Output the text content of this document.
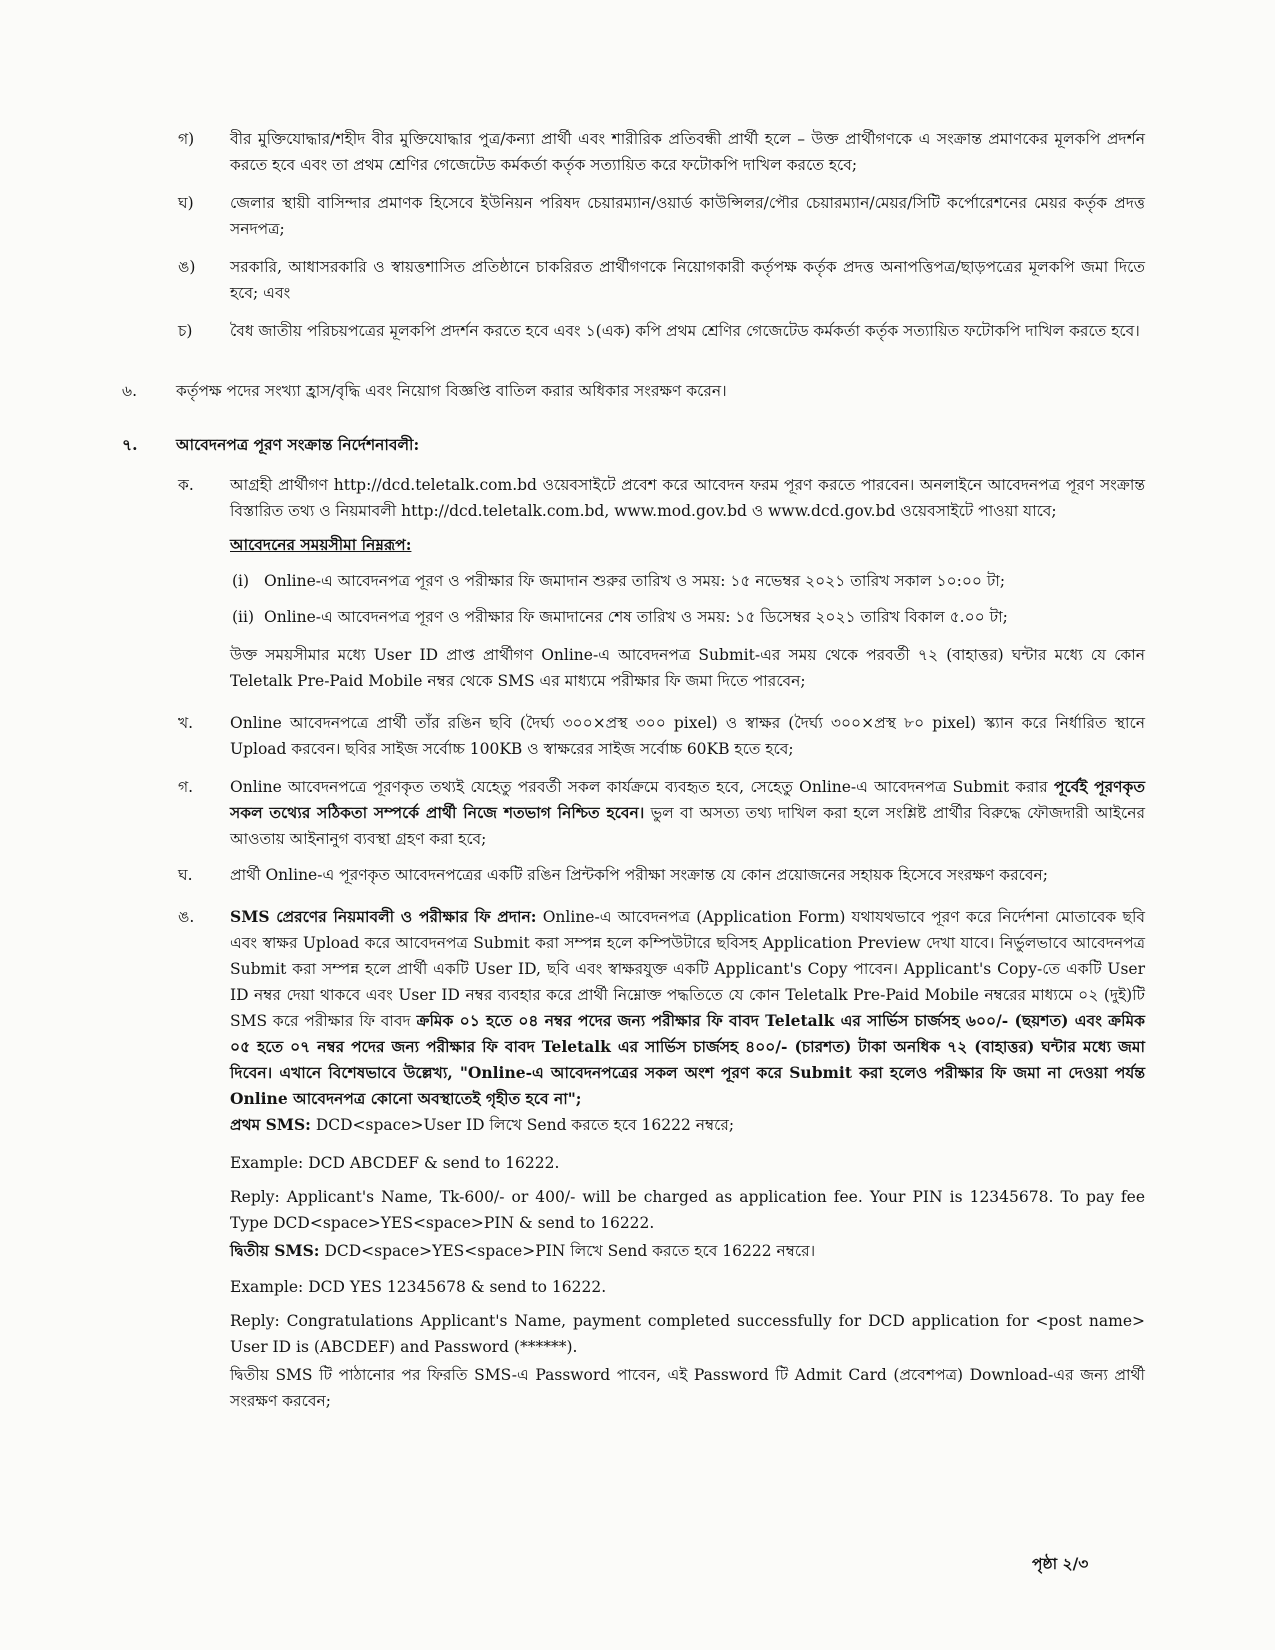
গ) বীর মুক্তিযোদ্ধার/শহীদ বীর মুক্তিযোদ্ধার পুত্র/কন্যা প্রার্থী এবং শারীরিক প্রতিবন্ধী প্রার্থী হলে – উক্ত প্রার্থীগণকে এ সংক্রান্ত প্রমাণকের মূলকপি প্রদর্শন করতে হবে এবং তা প্রথম শ্রেণির গেজেটেড কর্মকর্তা কর্তৃক সত্যায়িত করে ফটোকপি দাখিল করতে হবে;
ঘ) জেলার স্থায়ী বাসিন্দার প্রমাণক হিসেবে ইউনিয়ন পরিষদ চেয়ারম্যান/ওয়ার্ড কাউন্সিলর/পৌর চেয়ারম্যান/মেয়র/সিটি কর্পোরেশনের মেয়র কর্তৃক প্রদত্ত সনদপত্র;
ঙ) সরকারি, আধাসরকারি ও স্বায়ত্তশাসিত প্রতিষ্ঠানে চাকরিরত প্রার্থীগণকে নিয়োগকারী কর্তৃপক্ষ কর্তৃক প্রদত্ত অনাপত্তিপত্র/ছাড়পত্রের মূলকপি জমা দিতে হবে; এবং
চ) বৈধ জাতীয় পরিচয়পত্রের মূলকপি প্রদর্শন করতে হবে এবং ১(এক) কপি প্রথম শ্রেণির গেজেটেড কর্মকর্তা কর্তৃক সত্যায়িত ফটোকপি দাখিল করতে হবে।
৬.	কর্তৃপক্ষ পদের সংখ্যা হ্রাস/বৃদ্ধি এবং নিয়োগ বিজ্ঞপ্তি বাতিল করার অধিকার সংরক্ষণ করেন।
৭. আবেদনপত্র পূরণ সংক্রান্ত নির্দেশনাবলী:
ক. আগ্রহী প্রার্থীগণ http://dcd.teletalk.com.bd ওয়েবসাইটে প্রবেশ করে আবেদন ফরম পূরণ করতে পারবেন। অনলাইনে আবেদনপত্র পূরণ সংক্রান্ত বিস্তারিত তথ্য ও নিয়মাবলী http://dcd.teletalk.com.bd, www.mod.gov.bd ও www.dcd.gov.bd ওয়েবসাইটে পাওয়া যাবে;
আবেদনের সময়সীমা নিম্নরূপ:
(i) Online-এ আবেদনপত্র পূরণ ও পরীক্ষার ফি জমাদান শুরুর তারিখ ও সময়: ১৫ নভেম্বর ২০২১ তারিখ সকাল ১০:০০ টা;
(ii) Online-এ আবেদনপত্র পূরণ ও পরীক্ষার ফি জমাদানের শেষ তারিখ ও সময়: ১৫ ডিসেম্বর ২০২১ তারিখ বিকাল ৫.০০ টা;
উক্ত সময়সীমার মধ্যে User ID প্রাপ্ত প্রার্থীগণ Online-এ আবেদনপত্র Submit-এর সময় থেকে পরবর্তী ৭২ (বাহাত্তর) ঘন্টার মধ্যে যে কোন Teletalk Pre-Paid Mobile নম্বর থেকে SMS এর মাধ্যমে পরীক্ষার ফি জমা দিতে পারবেন;
খ. Online আবেদনপত্রে প্রার্থী তাঁর রঙিন ছবি (দৈর্ঘ্য ৩০০×প্রস্থ ৩০০ pixel) ও স্বাক্ষর (দৈর্ঘ্য ৩০০×প্রস্থ ৮০ pixel) স্ক্যান করে নির্ধারিত স্থানে Upload করবেন। ছবির সাইজ সর্বোচ্চ 100KB ও স্বাক্ষরের সাইজ সর্বোচ্চ 60KB হতে হবে;
গ. Online আবেদনপত্রে পূরণকৃত তথ্যই যেহেতু পরবর্তী সকল কার্যক্রমে ব্যবহৃত হবে, সেহেতু Online-এ আবেদনপত্র Submit করার পূর্বেই পূরণকৃত সকল তথ্যের সঠিকতা সম্পর্কে প্রার্থী নিজে শতভাগ নিশ্চিত হবেন। ভুল বা অসত্য তথ্য দাখিল করা হলে সংশ্লিষ্ট প্রার্থীর বিরুদ্ধে ফৌজদারী আইনের আওতায় আইনানুগ ব্যবস্থা গ্রহণ করা হবে;
ঘ. প্রার্থী Online-এ পূরণকৃত আবেদনপত্রের একটি রঙিন প্রিন্টকপি পরীক্ষা সংক্রান্ত যে কোন প্রয়োজনের সহায়ক হিসেবে সংরক্ষণ করবেন;
ঙ. SMS প্রেরণের নিয়মাবলী ও পরীক্ষার ফি প্রদান: Online-এ আবেদনপত্র (Application Form) যথাযথভাবে পূরণ করে নির্দেশনা মোতাবেক ছবি এবং স্বাক্ষর Upload করে আবেদনপত্র Submit করা সম্পন্ন হলে কম্পিউটারে ছবিসহ Application Preview দেখা যাবে। নির্ভুলভাবে আবেদনপত্র Submit করা সম্পন্ন হলে প্রার্থী একটি User ID, ছবি এবং স্বাক্ষরযুক্ত একটি Applicant's Copy পাবেন। Applicant's Copy-তে একটি User ID নম্বর দেয়া থাকবে এবং User ID নম্বর ব্যবহার করে প্রার্থী নিম্নোক্ত পদ্ধতিতে যে কোন Teletalk Pre-Paid Mobile নম্বরের মাধ্যমে ০২ (দুই)টি SMS করে পরীক্ষার ফি বাবদ ক্রমিক ০১ হতে ০৪ নম্বর পদের জন্য পরীক্ষার ফি বাবদ Teletalk এর সার্ভিস চার্জসহ ৬০০/- (ছয়শত) এবং ক্রমিক ০৫ হতে ০৭ নম্বর পদের জন্য পরীক্ষার ফি বাবদ Teletalk এর সার্ভিস চার্জসহ ৪০০/- (চারশত) টাকা অনধিক ৭২ (বাহাত্তর) ঘন্টার মধ্যে জমা দিবেন। এখানে বিশেষভাবে উল্লেখ্য, "Online-এ আবেদনপত্রের সকল অংশ পূরণ করে Submit করা হলেও পরীক্ষার ফি জমা না দেওয়া পর্যন্ত Online আবেদনপত্র কোনো অবস্থাতেই গৃহীত হবে না";
প্রথম SMS: DCD<space>User ID লিখে Send করতে হবে 16222 নম্বরে;
Example: DCD ABCDEF & send to 16222.
Reply: Applicant's Name, Tk-600/- or 400/- will be charged as application fee. Your PIN is 12345678. To pay fee Type DCD<space>YES<space>PIN & send to 16222.
দ্বিতীয় SMS: DCD<space>YES<space>PIN লিখে Send করতে হবে 16222 নম্বরে।
Example: DCD YES 12345678 & send to 16222.
Reply: Congratulations Applicant's Name, payment completed successfully for DCD application for <post name> User ID is (ABCDEF) and Password (******).
দ্বিতীয় SMS টি পাঠানোর পর ফিরতি SMS-এ Password পাবেন, এই Password টি Admit Card (প্রবেশপত্র) Download-এর জন্য প্রার্থী সংরক্ষণ করবেন;
পৃষ্ঠা ২/৩
